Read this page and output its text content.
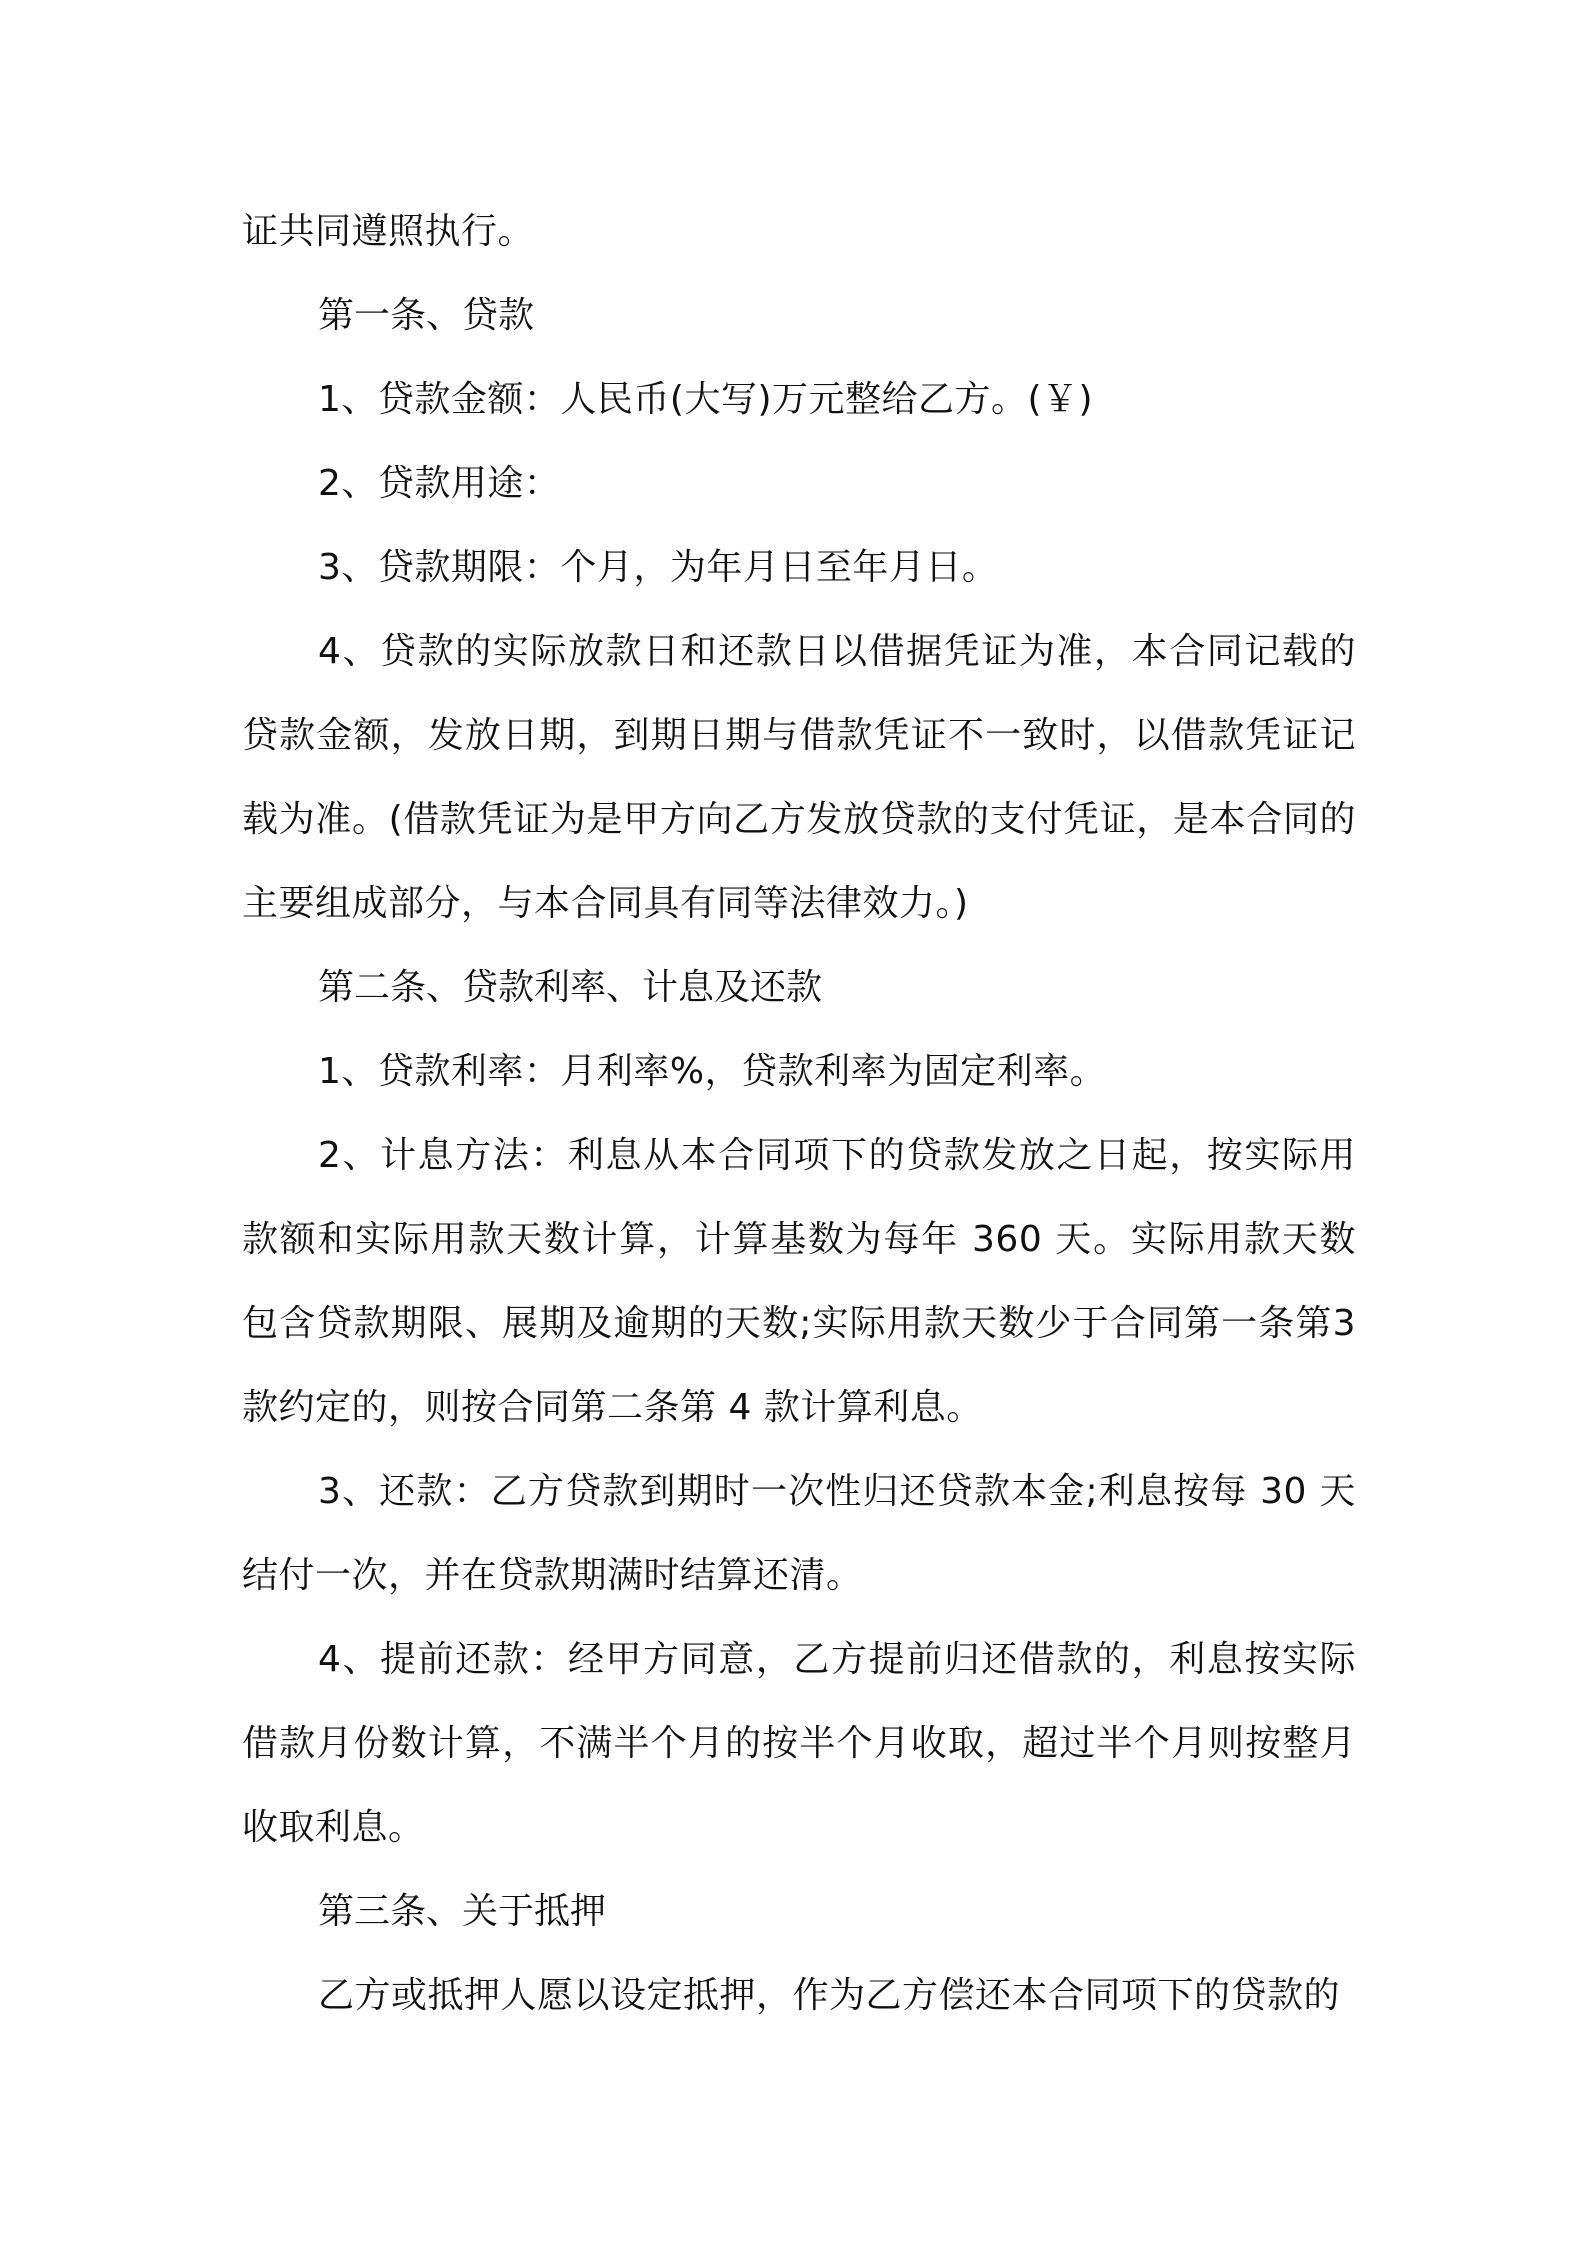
证共同遵照执行。

第一条、贷款

1、贷款金额：人民币(大写)万元整给乙方。(￥)

2、贷款用途：

3、贷款期限：个月，为年月日至年月日。

4、贷款的实际放款日和还款日以借据凭证为准，本合同记载的贷款金额，发放日期，到期日期与借款凭证不一致时，以借款凭证记载为准。(借款凭证为是甲方向乙方发放贷款的支付凭证，是本合同的主要组成部分，与本合同具有同等法律效力。)

第二条、贷款利率、计息及还款

1、贷款利率：月利率%，贷款利率为固定利率。

2、计息方法：利息从本合同项下的贷款发放之日起，按实际用款额和实际用款天数计算，计算基数为每年 360 天。实际用款天数包含贷款期限、展期及逾期的天数;实际用款天数少于合同第一条第3款约定的，则按合同第二条第 4 款计算利息。

3、还款：乙方贷款到期时一次性归还贷款本金;利息按每 30 天结付一次，并在贷款期满时结算还清。

4、提前还款：经甲方同意，乙方提前归还借款的，利息按实际借款月份数计算，不满半个月的按半个月收取，超过半个月则按整月收取利息。

第三条、关于抵押

乙方或抵押人愿以设定抵押，作为乙方偿还本合同项下的贷款的
